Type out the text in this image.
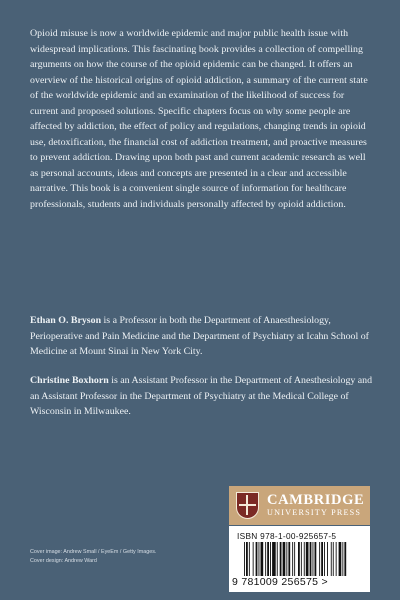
Opioid misuse is now a worldwide epidemic and major public health issue with widespread implications. This fascinating book provides a collection of compelling arguments on how the course of the opioid epidemic can be changed. It offers an overview of the historical origins of opioid addiction, a summary of the current state of the worldwide epidemic and an examination of the likelihood of success for current and proposed solutions. Specific chapters focus on why some people are affected by addiction, the effect of policy and regulations, changing trends in opioid use, detoxification, the financial cost of addiction treatment, and proactive measures to prevent addiction. Drawing upon both past and current academic research as well as personal accounts, ideas and concepts are presented in a clear and accessible narrative. This book is a convenient single source of information for healthcare professionals, students and individuals personally affected by opioid addiction.

Ethan O. Bryson is a Professor in both the Department of Anaesthesiology, Perioperative and Pain Medicine and the Department of Psychiatry at Icahn School of Medicine at Mount Sinai in New York City.

Christine Boxhorn is an Assistant Professor in the Department of Anesthesiology and an Assistant Professor in the Department of Psychiatry at the Medical College of Wisconsin in Milwaukee.

Cover image: Andrew Small / EyeEm / Getty Images.
Cover design: Andrew Ward
CAMBRIDGE
UNIVERSITY PRESS
ISBN 978-1-00-925657-5
9 781009 256575 >
